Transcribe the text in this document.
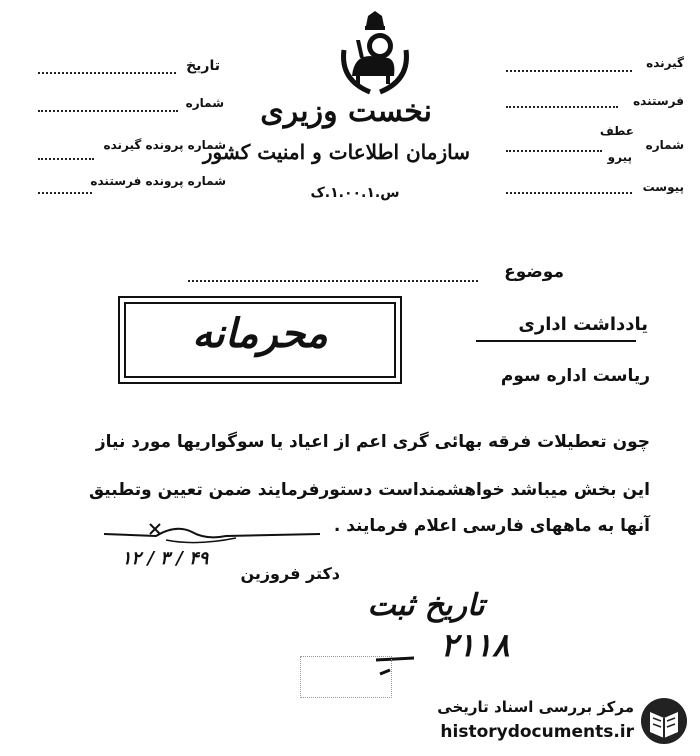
نخست وزیری
سازمان اطلاعات و امنیت کشور
س.۱.۰۰.۱.ک
تاریخ
شماره
شماره پرونده گیرنده
شماره پرونده فرستنده
گیرنده
فرستنده
عطف
پیرو
شماره
پیوست
موضوع
محرمانه	یادداشت اداری
ریاست اداره سوم
چون تعطیلات فرقه بهائی گری اعم از اعیاد یا سوگواریها مورد نیاز
این بخش میباشد خواهشمنداست دستورفرمایند ضمن تعیین وتطبیق
آنها به ماههای فارسی اعلام فرمایند .
دکتر فروزین
۱۲ / ۳ / ۴۹
تاریخ ثبت
۲۱۱۸
مرکز بررسی اسناد تاریخی
historydocuments.ir
